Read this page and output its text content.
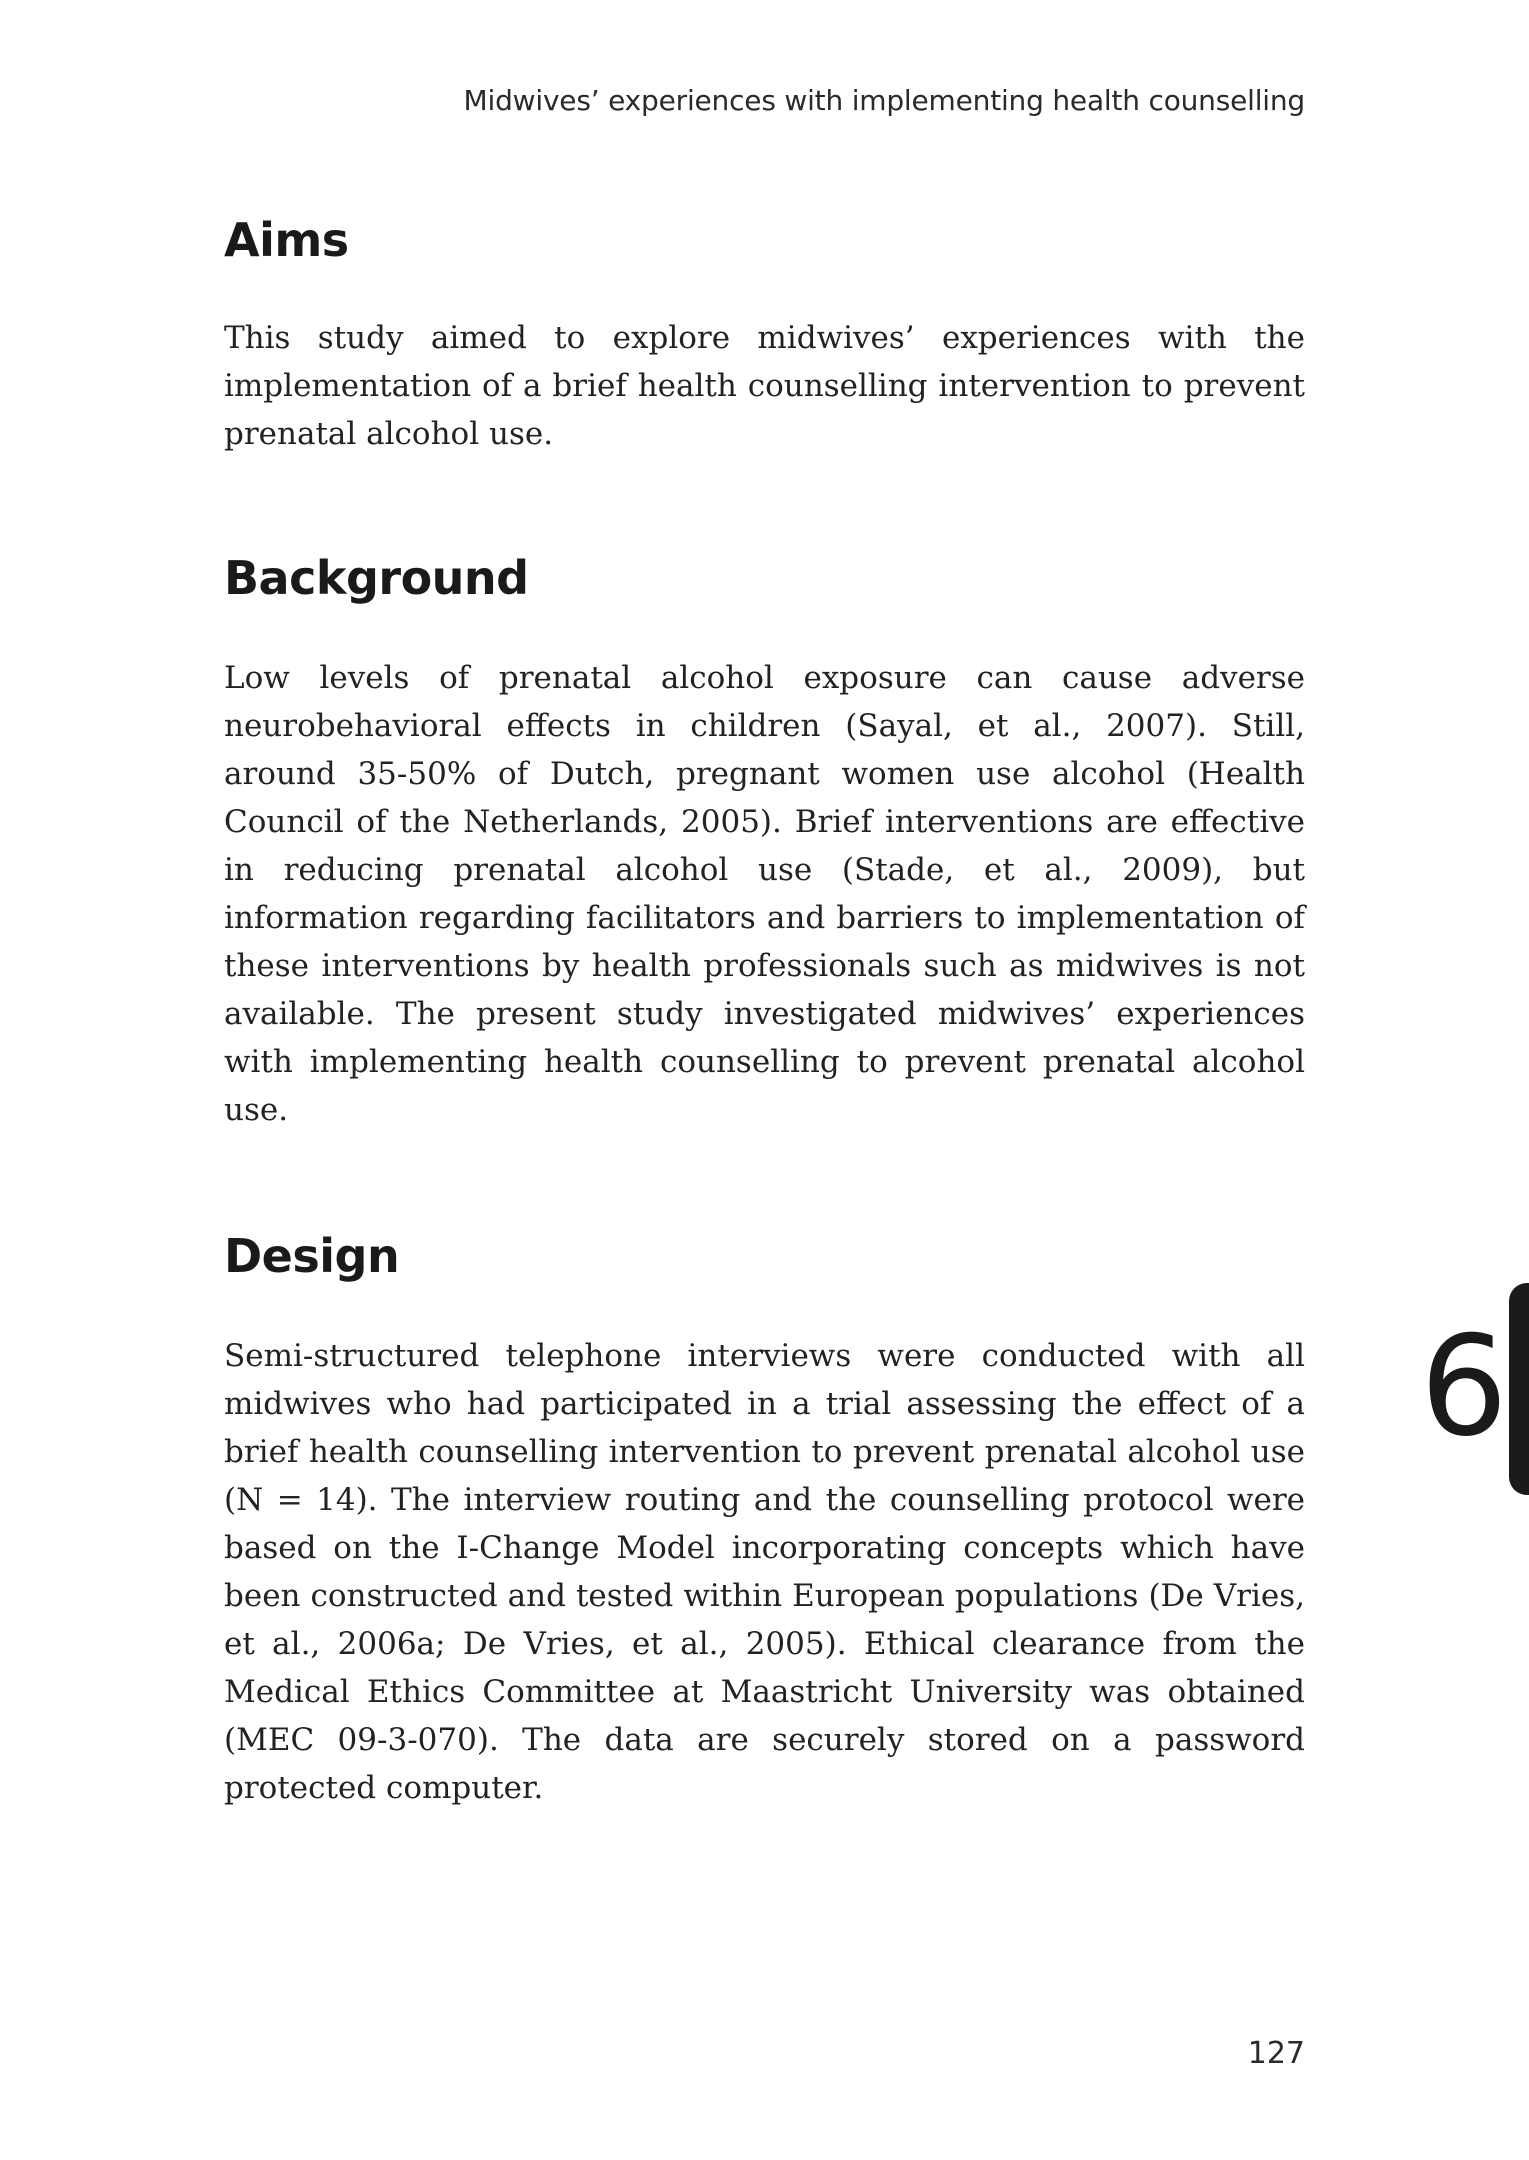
Midwives’ experiences with implementing health counselling
Aims

This study aimed to explore midwives’ experiences with the implementation of a brief health counselling intervention to prevent prenatal alcohol use.

Background

Low levels of prenatal alcohol exposure can cause adverse neurobehavioral effects in children (Sayal, et al., 2007). Still, around 35-50% of Dutch, pregnant women use alcohol (Health Council of the Netherlands, 2005). Brief interventions are effective in reducing prenatal alcohol use (Stade, et al., 2009), but information regarding facilitators and barriers to implementation of these interventions by health professionals such as midwives is not available. The present study investigated midwives’ experiences with implementing health counselling to prevent prenatal alcohol use.

Design

Semi-structured telephone interviews were conducted with all midwives who had participated in a trial assessing the effect of a brief health counselling intervention to prevent prenatal alcohol use (N = 14). The interview routing and the counselling protocol were based on the I-Change Model incorporating concepts which have been constructed and tested within European populations (De Vries, et al., 2006a; De Vries, et al., 2005). Ethical clearance from the Medical Ethics Committee at Maastricht University was obtained (MEC 09-3-070). The data are securely stored on a password protected computer.

6
127
